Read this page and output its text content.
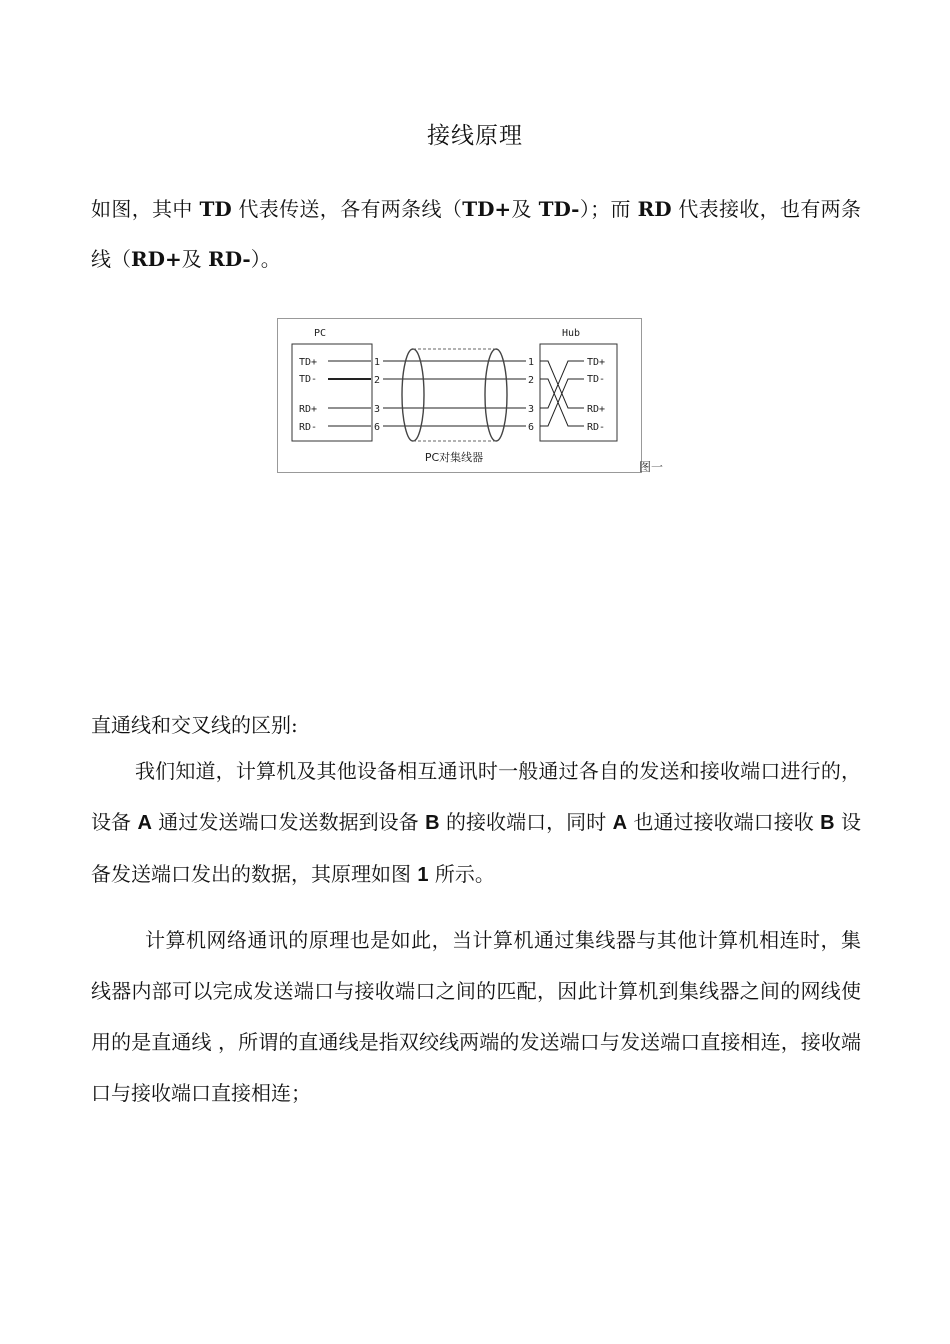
接线原理
如图，其中 TD 代表传送，各有两条线（TD+及 TD-）；而 RD 代表接收，也有两条线（RD+及 RD-）。
PC	Hub
TD+
TD-
RD+
RD-
1
2
3
6
1
2
3
6
TD+
TD-
RD+
RD-
PC对集线器
图一
直通线和交叉线的区别:
我们知道，计算机及其他设备相互通讯时一般通过各自的发送和接收端口进行的，设备 A 通过发送端口发送数据到设备 B 的接收端口，同时 A 也通过接收端口接收 B 设备发送端口发出的数据，其原理如图 1 所示。
计算机网络通讯的原理也是如此，当计算机通过集线器与其他计算机相连时，集线器内部可以完成发送端口与接收端口之间的匹配，因此计算机到集线器之间的网线使用的是直通线 ，所谓的直通线是指双绞线两端的发送端口与发送端口直接相连，接收端口与接收端口直接相连；
